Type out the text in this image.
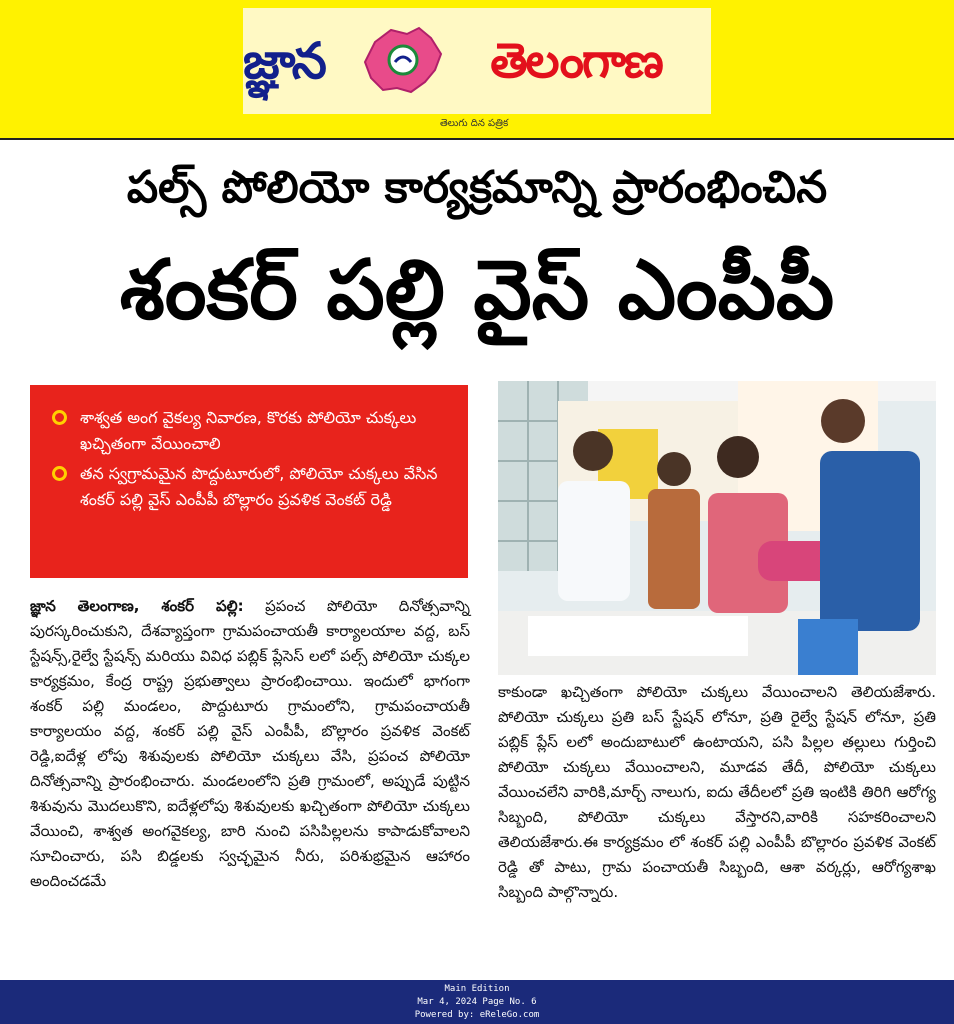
జ్ఞాన	తెలంగాణ
తెలుగు దిన పత్రిక
పల్స్ పోలియో కార్యక్రమాన్ని ప్రారంభించిన
శంకర్ పల్లి వైస్ ఎంపీపీ
శాశ్వత అంగ వైకల్య నివారణ, కొరకు పోలియో చుక్కలు ఖచ్చితంగా వేయించాలి
తన స్వగ్రామమైన పొద్దుటూరులో, పోలియో చుక్కలు వేసిన శంకర్ పల్లి వైస్ ఎంపీపీ బొల్లారం ప్రవళిక వెంకట్ రెడ్డి
జ్ఞాన తెలంగాణ, శంకర్ పల్లి: ప్రపంచ పోలియో దినోత్సవాన్ని పురస్కరించుకుని, దేశవ్యాప్తంగా గ్రామపంచాయతీ కార్యాలయాల వద్ద, బస్ స్టేషన్స్,రైల్వే స్టేషన్స్ మరియు వివిధ పబ్లిక్ ప్లేసెస్ లలో పల్స్ పోలియో చుక్కల కార్యక్రమం, కేంద్ర రాష్ట్ర ప్రభుత్వాలు ప్రారంభించాయి. ఇందులో భాగంగా శంకర్ పల్లి మండలం, పొద్దుటూరు గ్రామంలోని, గ్రామపంచాయతీ కార్యాలయం వద్ద, శంకర్ పల్లి వైస్ ఎంపీపీ, బొల్లారం ప్రవళిక వెంకట్ రెడ్డి,ఐదేళ్ల లోపు శిశువులకు పోలియో చుక్కలు వేసి, ప్రపంచ పోలియో దినోత్సవాన్ని ప్రారంభించారు. మండలంలోని ప్రతి గ్రామంలో, అప్పుడే పుట్టిన శిశువును మొదలుకొని, ఐదేళ్లలోపు శిశువులకు ఖచ్చితంగా పోలియో చుక్కలు వేయించి, శాశ్వత అంగవైకల్య, బారి నుంచి పసిపిల్లలను కాపాడుకోవాలని సూచించారు, పసి బిడ్డలకు స్వచ్ఛమైన నీరు, పరిశుభ్రమైన ఆహారం అందించడమే
కాకుండా ఖచ్చితంగా పోలియో చుక్కలు వేయించాలని తెలియజేశారు. పోలియో చుక్కలు ప్రతి బస్ స్టేషన్ లోనూ, ప్రతి రైల్వే స్టేషన్ లోనూ, ప్రతి పబ్లిక్ ప్లేస్ లలో అందుబాటులో ఉంటాయని, పసి పిల్లల తల్లులు గుర్తించి పోలియో చుక్కలు వేయించాలని, మూడవ తేదీ, పోలియో చుక్కలు వేయించలేని వారికి,మార్చ్ నాలుగు, ఐదు తేదీలలో ప్రతి ఇంటికి తిరిగి ఆరోగ్య సిబ్బంది, పోలియో చుక్కలు వేస్తారని,వారికి సహకరించాలని తెలియజేశారు.ఈ కార్యక్రమం లో శంకర్ పల్లి ఎంపీపీ బొల్లారం ప్రవళిక వెంకట్ రెడ్డి తో పాటు, గ్రామ పంచాయతీ సిబ్బంది, ఆశా వర్కర్లు, ఆరోగ్యశాఖ సిబ్బంది పాల్గొన్నారు.
Main Edition
Mar 4, 2024 Page No. 6
Powered by: eReleGo.com
